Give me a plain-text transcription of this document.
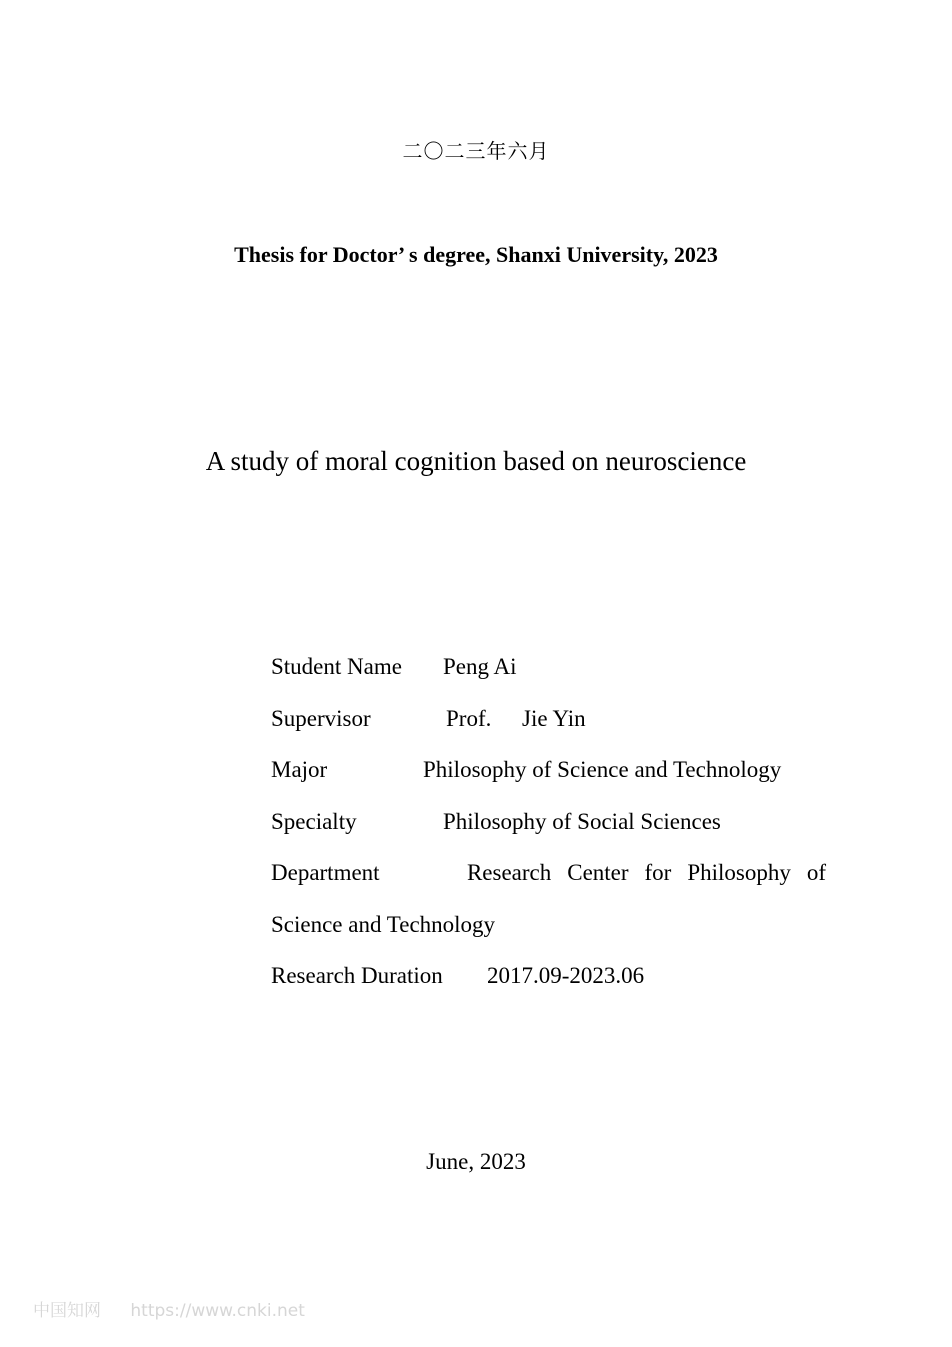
二〇二三年六月
Thesis for Doctor’ s degree, Shanxi University, 2023
A study of moral cognition based on neuroscience
Student Name Peng Ai
Supervisor	Prof. Jie Yin
Major	Philosophy of Science and Technology
Specialty	Philosophy of Social Sciences
Department	Research Center for Philosophy of
Science and Technology
Research Duration 2017.09-2023.06
June, 2023
中国知网 https://www.cnki.net
